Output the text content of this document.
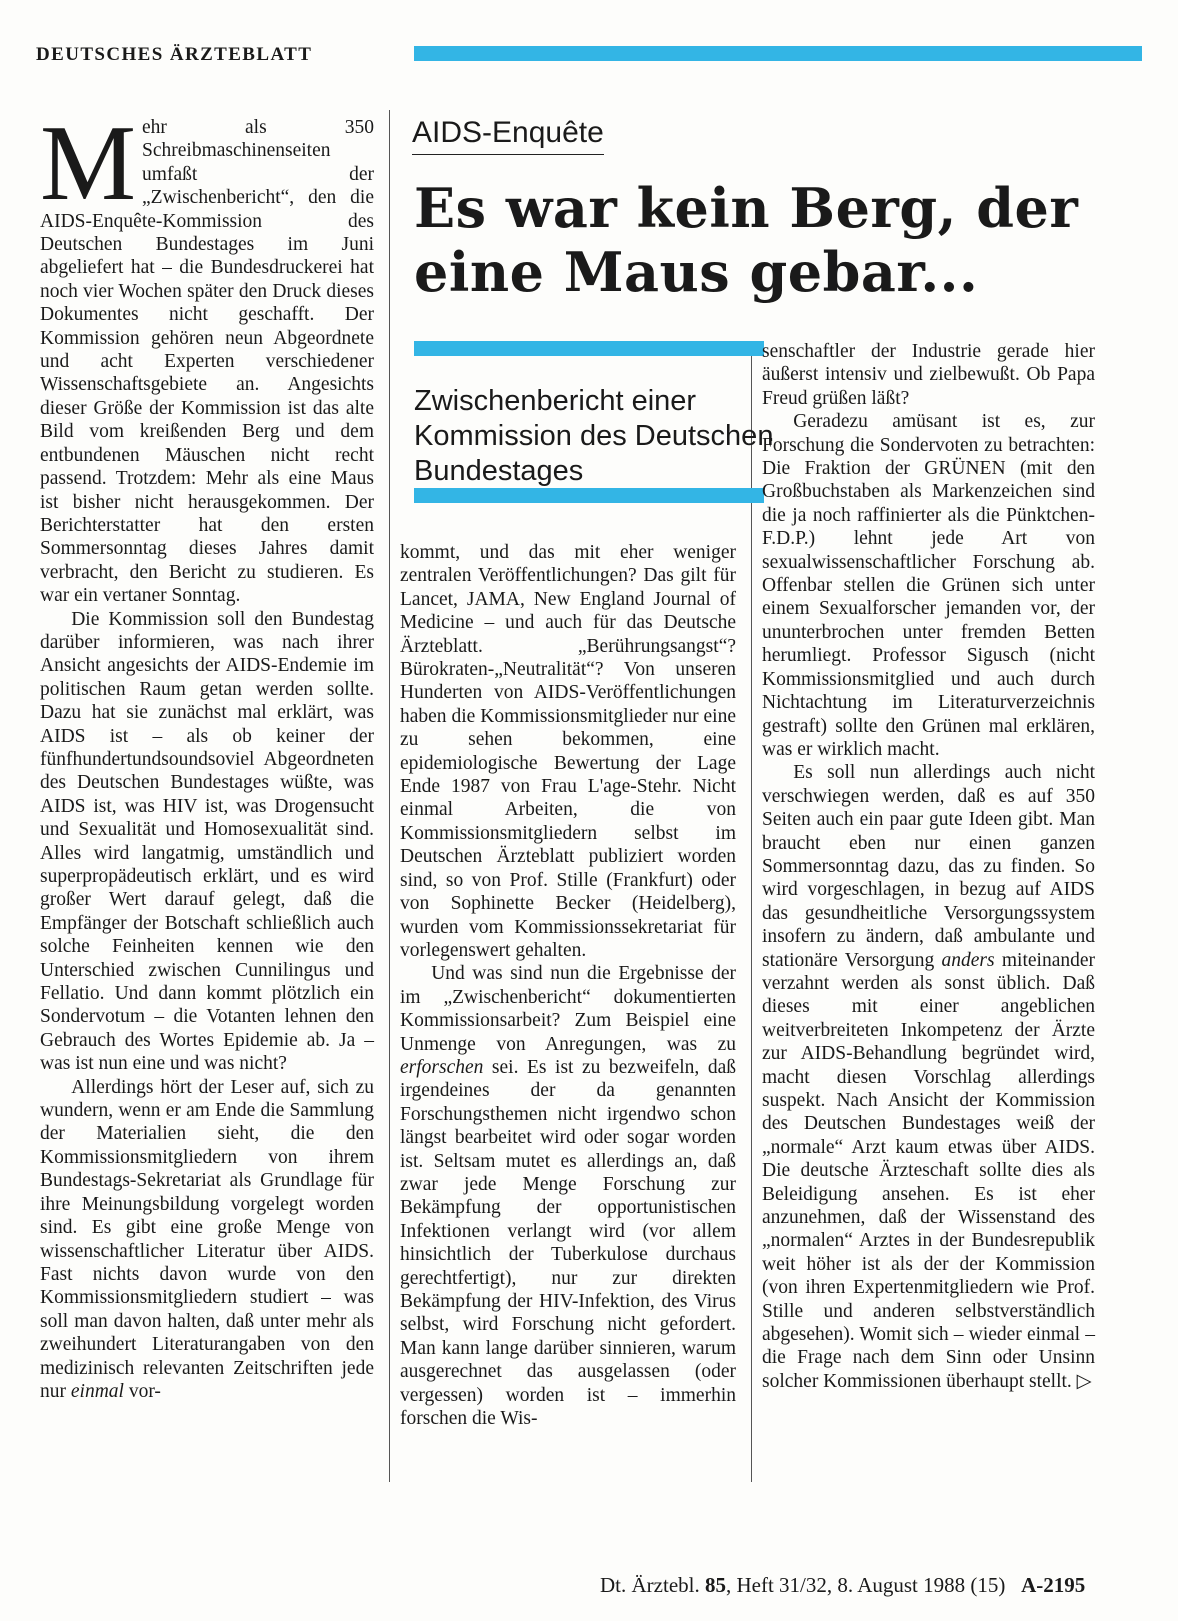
DEUTSCHES ÄRZTEBLATT

Mehr als 350 Schreibmaschinenseiten umfaßt der „Zwischenbericht“, den die AIDS-Enquête-Kommission des Deutschen Bundestages im Juni abgeliefert hat – die Bundesdruckerei hat noch vier Wochen später den Druck dieses Dokumentes nicht geschafft. Der Kommission gehören neun Abgeordnete und acht Experten verschiedener Wissenschaftsgebiete an. Angesichts dieser Größe der Kommission ist das alte Bild vom kreißenden Berg und dem entbundenen Mäuschen nicht recht passend. Trotzdem: Mehr als eine Maus ist bisher nicht herausgekommen. Der Berichterstatter hat den ersten Sommersonntag dieses Jahres damit verbracht, den Bericht zu studieren. Es war ein vertaner Sonntag.

Die Kommission soll den Bundestag darüber informieren, was nach ihrer Ansicht angesichts der AIDS-Endemie im politischen Raum getan werden sollte. Dazu hat sie zunächst mal erklärt, was AIDS ist – als ob keiner der fünfhundertundsoundsoviel Abgeordneten des Deutschen Bundestages wüßte, was AIDS ist, was HIV ist, was Drogensucht und Sexualität und Homosexualität sind. Alles wird langatmig, umständlich und superpropädeutisch erklärt, und es wird großer Wert darauf gelegt, daß die Empfänger der Botschaft schließlich auch solche Feinheiten kennen wie den Unterschied zwischen Cunnilingus und Fellatio. Und dann kommt plötzlich ein Sondervotum – die Votanten lehnen den Gebrauch des Wortes Epidemie ab. Ja – was ist nun eine und was nicht?

Allerdings hört der Leser auf, sich zu wundern, wenn er am Ende die Sammlung der Materialien sieht, die den Kommissionsmitgliedern von ihrem Bundestags-Sekretariat als Grundlage für ihre Meinungsbildung vorgelegt worden sind. Es gibt eine große Menge von wissenschaftlicher Literatur über AIDS. Fast nichts davon wurde von den Kommissionsmitgliedern studiert – was soll man davon halten, daß unter mehr als zweihundert Literaturangaben von den medizinisch relevanten Zeitschriften jede nur einmal vor-

AIDS-Enquête
Es war kein Berg, der eine Maus gebar...
Zwischenbericht einer Kommission des Deutschen Bundestages

kommt, und das mit eher weniger zentralen Veröffentlichungen? Das gilt für Lancet, JAMA, New England Journal of Medicine – und auch für das Deutsche Ärzteblatt. „Berührungsangst“? Bürokraten-„Neutralität“? Von unseren Hunderten von AIDS-Veröffentlichungen haben die Kommissionsmitglieder nur eine zu sehen bekommen, eine epidemiologische Bewertung der Lage Ende 1987 von Frau L'age-Stehr. Nicht einmal Arbeiten, die von Kommissionsmitgliedern selbst im Deutschen Ärzteblatt publiziert worden sind, so von Prof. Stille (Frankfurt) oder von Sophinette Becker (Heidelberg), wurden vom Kommissionssekretariat für vorlegenswert gehalten.

Und was sind nun die Ergebnisse der im „Zwischenbericht“ dokumentierten Kommissionsarbeit? Zum Beispiel eine Unmenge von Anregungen, was zu erforschen sei. Es ist zu bezweifeln, daß irgendeines der da genannten Forschungsthemen nicht irgendwo schon längst bearbeitet wird oder sogar worden ist. Seltsam mutet es allerdings an, daß zwar jede Menge Forschung zur Bekämpfung der opportunistischen Infektionen verlangt wird (vor allem hinsichtlich der Tuberkulose durchaus gerechtfertigt), nur zur direkten Bekämpfung der HIV-Infektion, des Virus selbst, wird Forschung nicht gefordert. Man kann lange darüber sinnieren, warum ausgerechnet das ausgelassen (oder vergessen) worden ist – immerhin forschen die Wis-

senschaftler der Industrie gerade hier äußerst intensiv und zielbewußt. Ob Papa Freud grüßen läßt?

Geradezu amüsant ist es, zur Forschung die Sondervoten zu betrachten: Die Fraktion der GRÜNEN (mit den Großbuchstaben als Markenzeichen sind die ja noch raffinierter als die Pünktchen-F.D.P.) lehnt jede Art von sexualwissenschaftlicher Forschung ab. Offenbar stellen die Grünen sich unter einem Sexualforscher jemanden vor, der ununterbrochen unter fremden Betten herumliegt. Professor Sigusch (nicht Kommissionsmitglied und auch durch Nichtachtung im Literaturverzeichnis gestraft) sollte den Grünen mal erklären, was er wirklich macht.

Es soll nun allerdings auch nicht verschwiegen werden, daß es auf 350 Seiten auch ein paar gute Ideen gibt. Man braucht eben nur einen ganzen Sommersonntag dazu, das zu finden. So wird vorgeschlagen, in bezug auf AIDS das gesundheitliche Versorgungssystem insofern zu ändern, daß ambulante und stationäre Versorgung anders miteinander verzahnt werden als sonst üblich. Daß dieses mit einer angeblichen weitverbreiteten Inkompetenz der Ärzte zur AIDS-Behandlung begründet wird, macht diesen Vorschlag allerdings suspekt. Nach Ansicht der Kommission des Deutschen Bundestages weiß der „normale“ Arzt kaum etwas über AIDS. Die deutsche Ärzteschaft sollte dies als Beleidigung ansehen. Es ist eher anzunehmen, daß der Wissenstand des „normalen“ Arztes in der Bundesrepublik weit höher ist als der der Kommission (von ihren Expertenmitgliedern wie Prof. Stille und anderen selbstverständlich abgesehen). Womit sich – wieder einmal – die Frage nach dem Sinn oder Unsinn solcher Kommissionen überhaupt stellt. ▷

Dt. Ärztebl. 85, Heft 31/32, 8. August 1988 (15) A-2195
